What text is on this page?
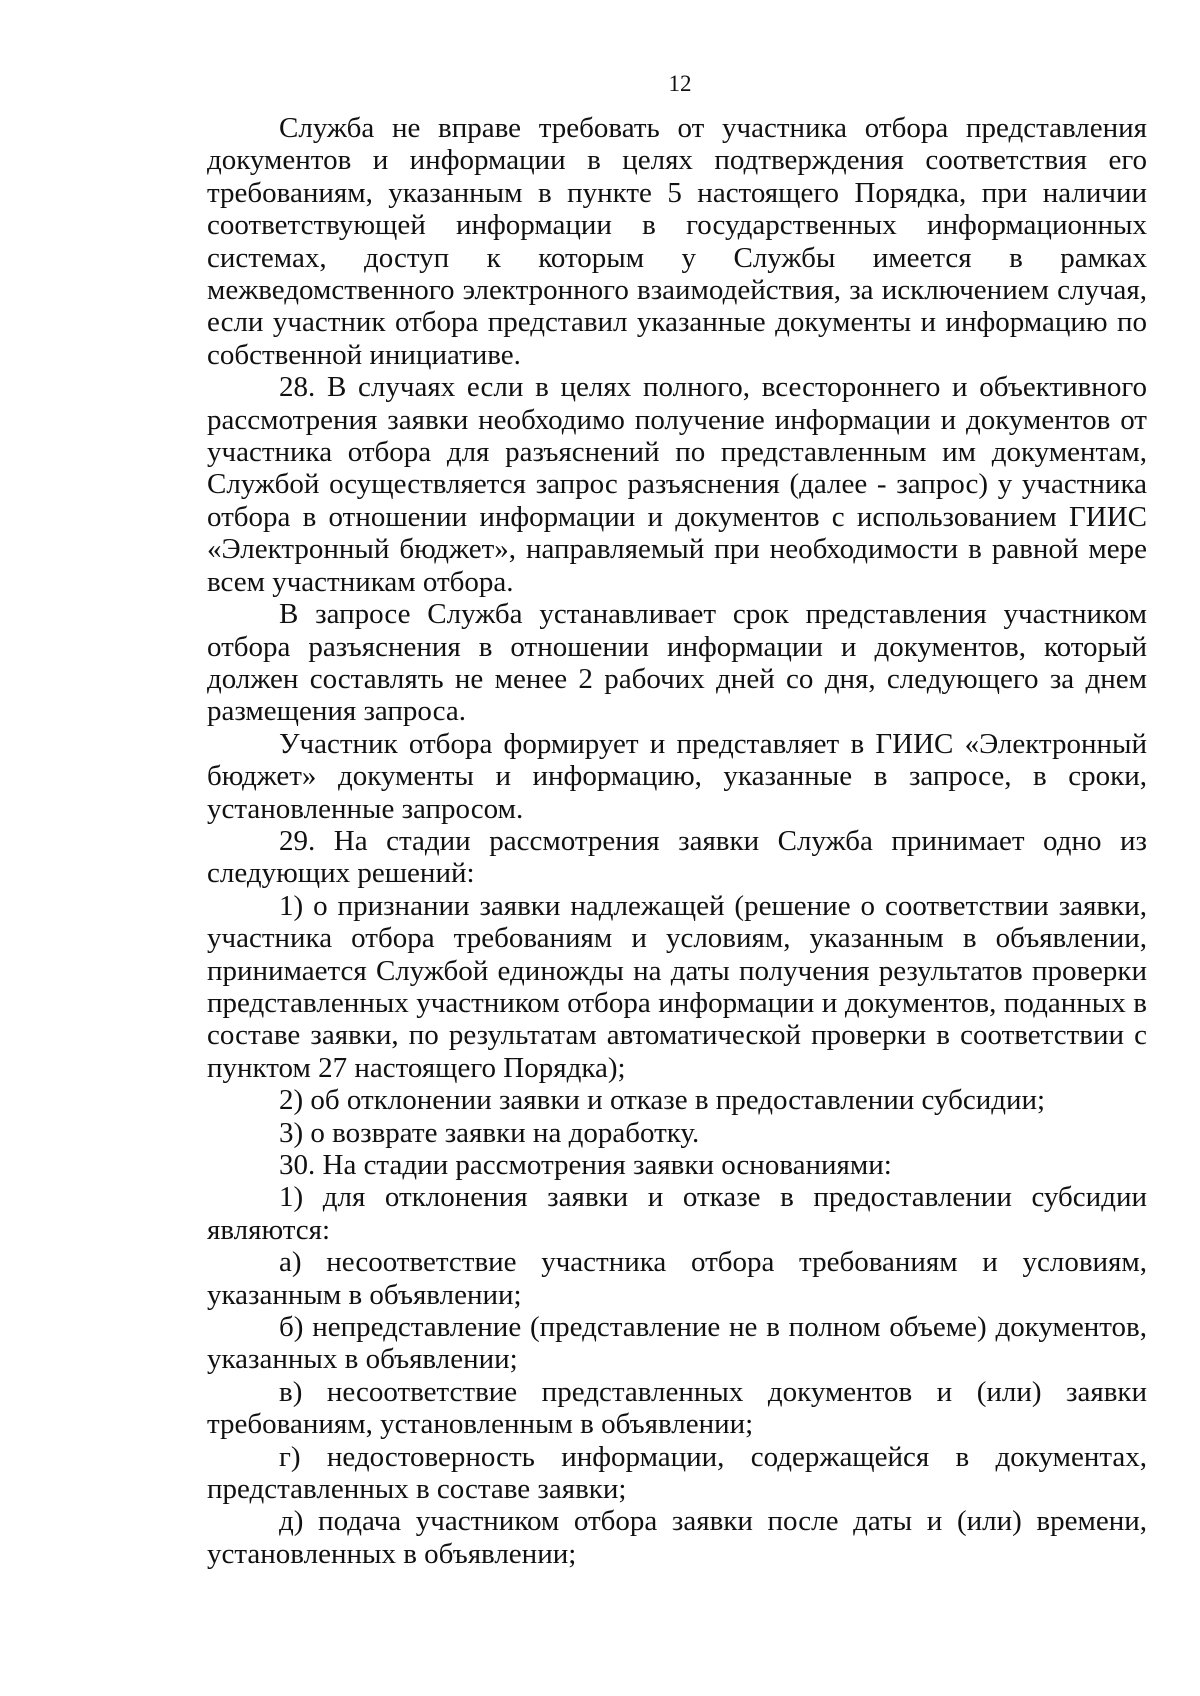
12

Служба не вправе требовать от участника отбора представления документов и информации в целях подтверждения соответствия его требованиям, указанным в пункте 5 настоящего Порядка, при наличии соответствующей информации в государственных информационных системах, доступ к которым у Службы имеется в рамках межведомственного электронного взаимодействия, за исключением случая, если участник отбора представил указанные документы и информацию по собственной инициативе.

28. В случаях если в целях полного, всестороннего и объективного рассмотрения заявки необходимо получение информации и документов от участника отбора для разъяснений по представленным им документам, Службой осуществляется запрос разъяснения (далее - запрос) у участника отбора в отношении информации и документов с использованием ГИИС «Электронный бюджет», направляемый при необходимости в равной мере всем участникам отбора.

В запросе Служба устанавливает срок представления участником отбора разъяснения в отношении информации и документов, который должен составлять не менее 2 рабочих дней со дня, следующего за днем размещения запроса.

Участник отбора формирует и представляет в ГИИС «Электронный бюджет» документы и информацию, указанные в запросе, в сроки, установленные запросом.

29. На стадии рассмотрения заявки Служба принимает одно из следующих решений:

1) о признании заявки надлежащей (решение о соответствии заявки, участника отбора требованиям и условиям, указанным в объявлении, принимается Службой единожды на даты получения результатов проверки представленных участником отбора информации и документов, поданных в составе заявки, по результатам автоматической проверки в соответствии с пунктом 27 настоящего Порядка);

2) об отклонении заявки и отказе в предоставлении субсидии;

3) о возврате заявки на доработку.

30. На стадии рассмотрения заявки основаниями:

1) для отклонения заявки и отказе в предоставлении субсидии являются:

а) несоответствие участника отбора требованиям и условиям, указанным в объявлении;

б) непредставление (представление не в полном объеме) документов, указанных в объявлении;

в) несоответствие представленных документов и (или) заявки требованиям, установленным в объявлении;

г) недостоверность информации, содержащейся в документах, представленных в составе заявки;

д) подача участником отбора заявки после даты и (или) времени, установленных в объявлении;
